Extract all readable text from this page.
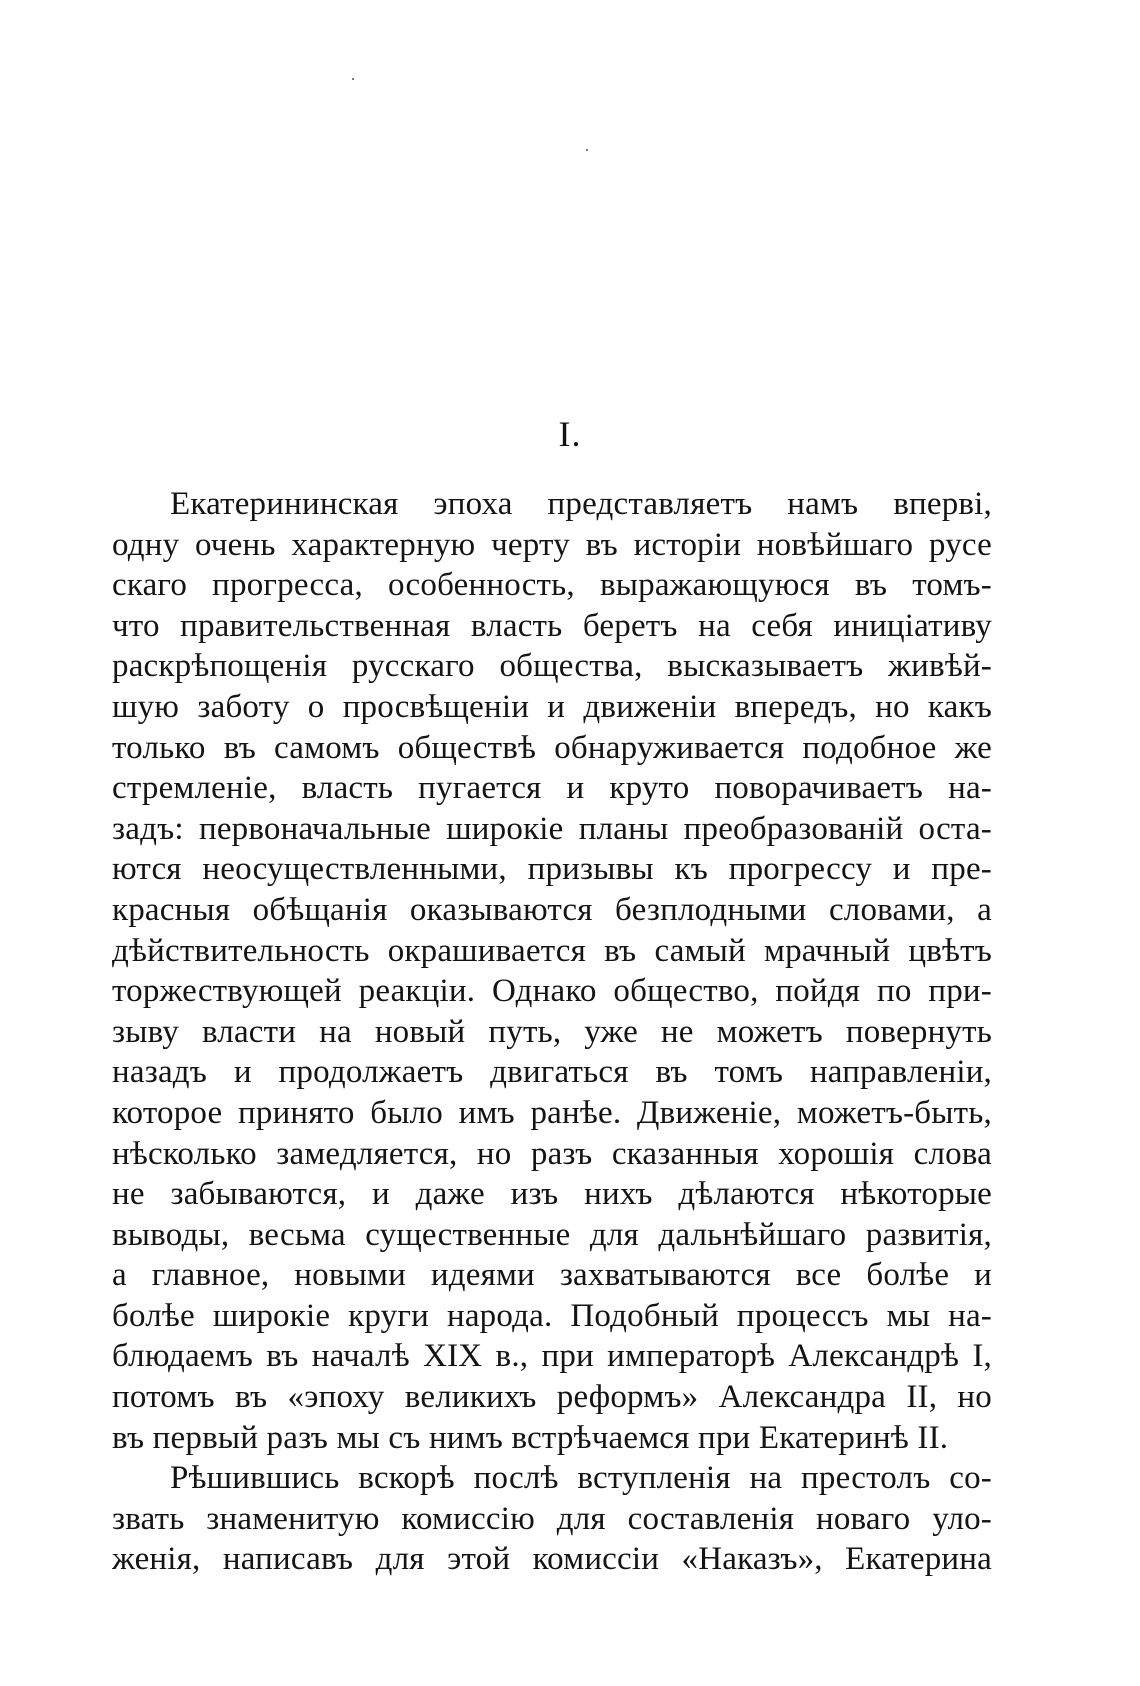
I.
Екатерининская эпоха представляетъ намъ вперві,
одну очень характерную черту въ исторіи новѣйшаго русе
скаго прогресса, особенность, выражающуюся въ томъ-
что правительственная власть беретъ на себя иниціативу
раскрѣпощенія русскаго общества, высказываетъ живѣй-
шую заботу о просвѣщеніи и движеніи впередъ, но какъ
только въ самомъ обществѣ обнаруживается подобное же
стремленіе, власть пугается и круто поворачиваетъ на-
задъ: первоначальные широкіе планы преобразованій оста-
ются неосуществленными, призывы къ прогрессу и пре-
красныя обѣщанія оказываются безплодными словами, а
дѣйствительность окрашивается въ самый мрачный цвѣтъ
торжествующей реакціи. Однако общество, пойдя по при-
зыву власти на новый путь, уже не можетъ повернуть
назадъ и продолжаетъ двигаться въ томъ направленіи,
которое принято было имъ ранѣе. Движеніе, можетъ-быть,
нѣсколько замедляется, но разъ сказанныя хорошія слова
не забываются, и даже изъ нихъ дѣлаются нѣкоторые
выводы, весьма существенные для дальнѣйшаго развитія,
а главное, новыми идеями захватываются все болѣе и
болѣе широкіе круги народа. Подобный процессъ мы на-
блюдаемъ въ началѣ XIX в., при императорѣ Александрѣ I,
потомъ въ «эпоху великихъ реформъ» Александра II, но
въ первый разъ мы съ нимъ встрѣчаемся при Екатеринѣ II.
Рѣшившись вскорѣ послѣ вступленія на престолъ со-
звать знаменитую комиссію для составленія новаго уло-
женія, написавъ для этой комиссіи «Наказъ», Екатерина
